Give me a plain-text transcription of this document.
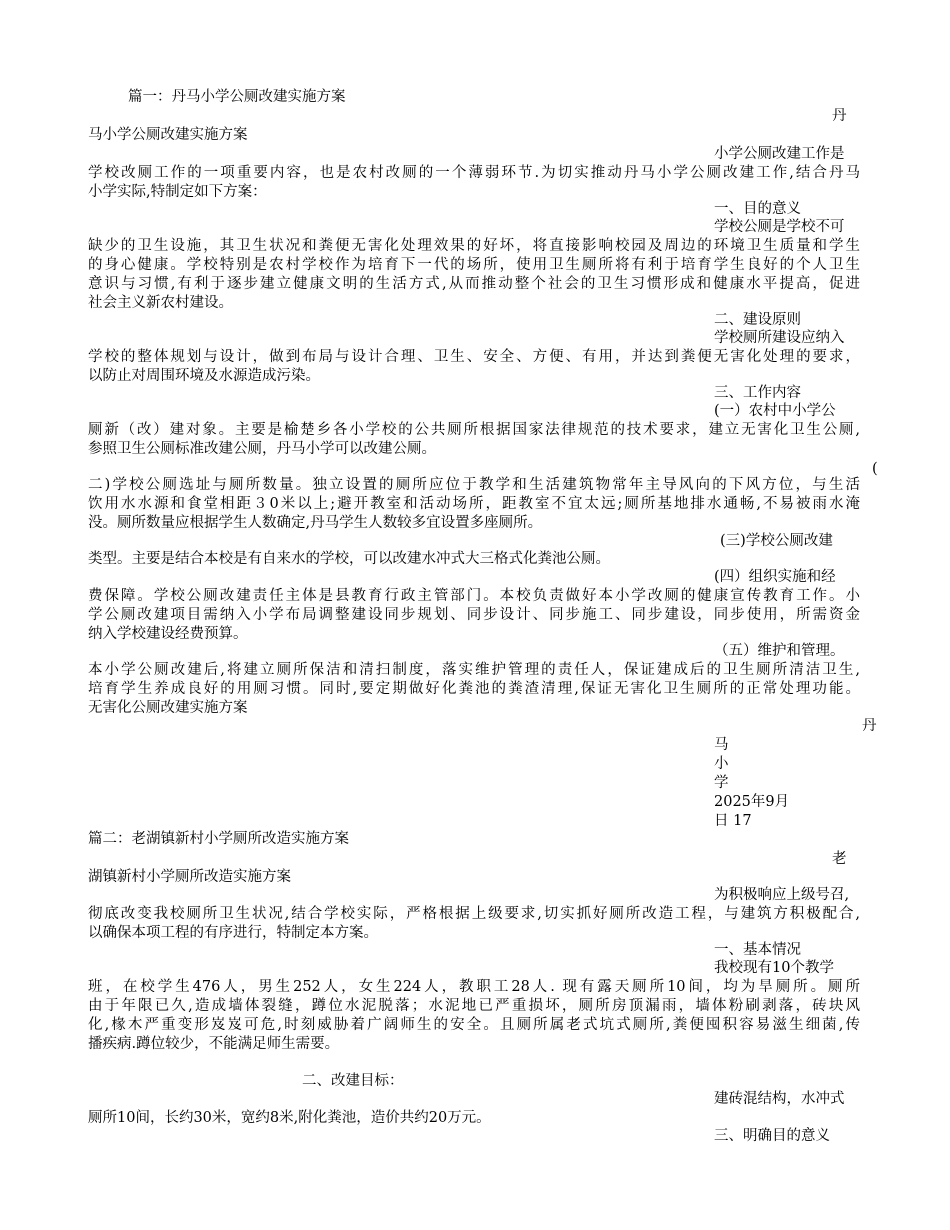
篇一：丹马小学公厕改建实施方案
丹
马小学公厕改建实施方案
小学公厕改建工作是
学校改厕工作的一项重要内容，也是农村改厕的一个薄弱环节.为切实推动丹马小学公厕改建工作,结合丹马
小学实际,特制定如下方案：
一、目的意义
学校公厕是学校不可
缺少的卫生设施，其卫生状况和粪便无害化处理效果的好坏，将直接影响校园及周边的环境卫生质量和学生
的身心健康。学校特别是农村学校作为培育下一代的场所，使用卫生厕所将有利于培育学生良好的个人卫生
意识与习惯,有利于逐步建立健康文明的生活方式,从而推动整个社会的卫生习惯形成和健康水平提高，促进
社会主义新农村建设。
二、建设原则
学校厕所建设应纳入
学校的整体规划与设计，做到布局与设计合理、卫生、安全、方便、有用，并达到粪便无害化处理的要求，
以防止对周围环境及水源造成污染。
三、工作内容
(一）农村中小学公
厕新（改）建对象。主要是榆楚乡各小学校的公共厕所根据国家法律规范的技术要求，建立无害化卫生公厕,
参照卫生公厕标准改建公厕，丹马小学可以改建公厕。
(
二)学校公厕选址与厕所数量。独立设置的厕所应位于教学和生活建筑物常年主导风向的下风方位，与生活
饮用水水源和食堂相距３0米以上;避开教室和活动场所，距教室不宜太远;厕所基地排水通畅,不易被雨水淹
没。厕所数量应根据学生人数确定,丹马学生人数较多宜设置多座厕所。
(三)学校公厕改建
类型。主要是结合本校是有自来水的学校，可以改建水冲式大三格式化粪池公厕。
(四）组织实施和经
费保障。学校公厕改建责任主体是县教育行政主管部门。本校负责做好本小学改厕的健康宣传教育工作。小
学公厕改建项目需纳入小学布局调整建设同步规划、同步设计、同步施工、同步建设，同步使用，所需资金
纳入学校建设经费预算。
（五）维护和管理。
本小学公厕改建后,将建立厕所保洁和清扫制度，落实维护管理的责任人，保证建成后的卫生厕所清洁卫生,
培育学生养成良好的用厕习惯。同时,要定期做好化粪池的粪渣清理,保证无害化卫生厕所的正常处理功能。
无害化公厕改建实施方案
丹
马
小
学
2025年9月
日 17
篇二：老湖镇新村小学厕所改造实施方案
老
湖镇新村小学厕所改造实施方案
为积极响应上级号召,
彻底改变我校厕所卫生状况,结合学校实际，严格根据上级要求,切实抓好厕所改造工程，与建筑方积极配合,
以确保本项工程的有序进行，特制定本方案。
一、基本情况
我校现有10个教学
班，在校学生476人，男生252人，女生224人，教职工28人. 现有露天厕所10间，均为旱厕所。厕所
由于年限已久,造成墙体裂缝，蹲位水泥脱落；水泥地已严重损坏，厕所房顶漏雨，墙体粉刷剥落，砖块风
化,椽木严重变形岌岌可危,时刻威胁着广阔师生的安全。且厕所属老式坑式厕所,粪便囤积容易滋生细菌,传
播疾病.蹲位较少，不能满足师生需要。
二、改建目标：
建砖混结构，水冲式
厕所10间，长约30米，宽约8米,附化粪池，造价共约20万元。
三、明确目的意义
